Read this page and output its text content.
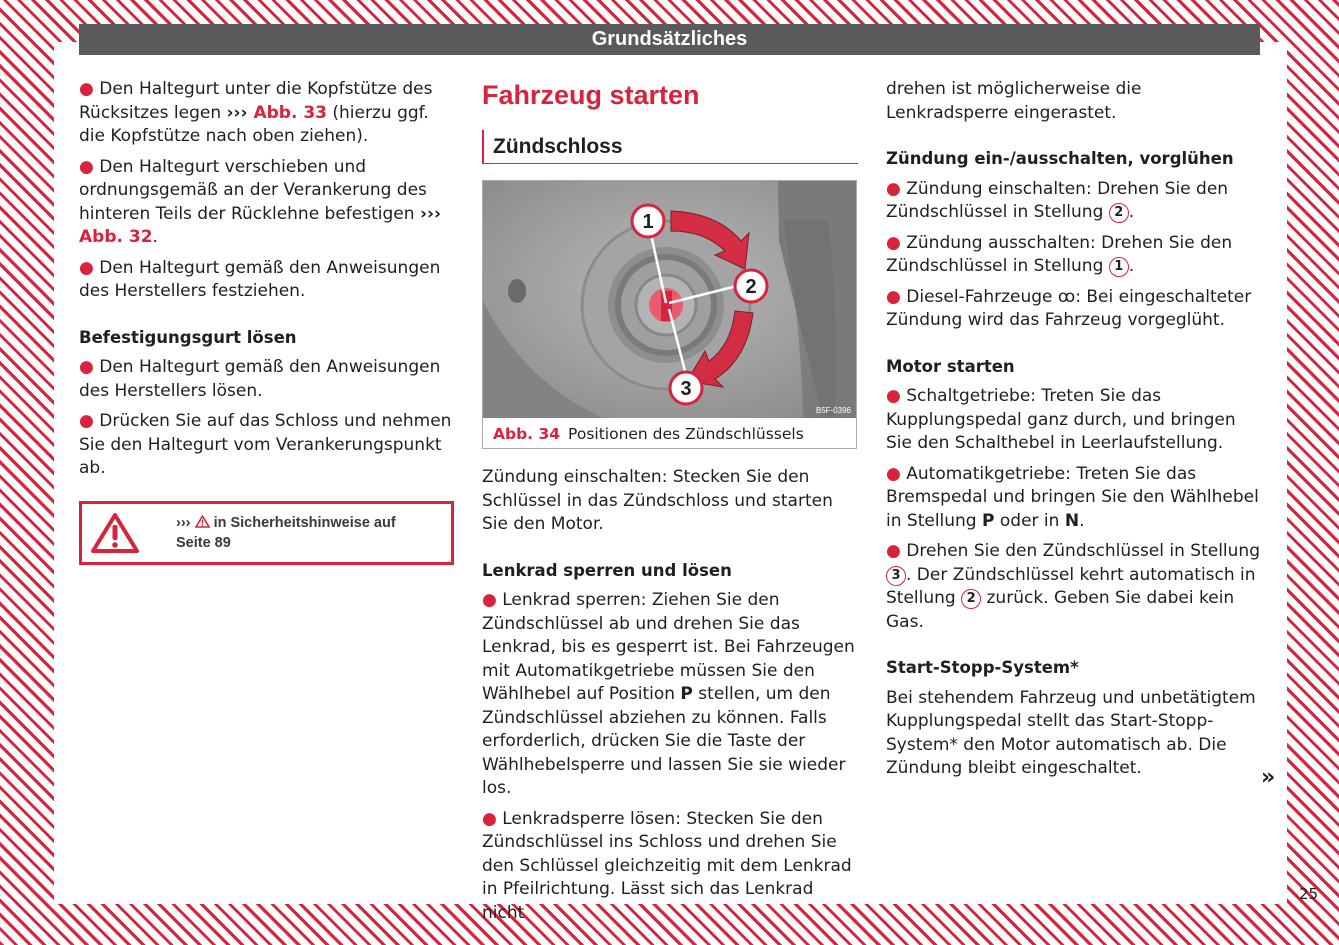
Grundsätzliches

● Den Haltegurt unter die Kopfstütze des Rücksitzes legen ››› Abb. 33 (hierzu ggf. die Kopfstütze nach oben ziehen).

● Den Haltegurt verschieben und ordnungsgemäß an der Verankerung des hinteren Teils der Rücklehne befestigen ››› Abb. 32.

● Den Haltegurt gemäß den Anweisungen des Herstellers festziehen.

Befestigungsgurt lösen

● Den Haltegurt gemäß den Anweisungen des Herstellers lösen.

● Drücken Sie auf das Schloss und nehmen Sie den Haltegurt vom Verankerungspunkt ab.

››› in Sicherheitshinweise auf
Seite 89
Fahrzeug starten
Zündschloss
1
2
3
B5F-0396
Abb. 34 Positionen des Zündschlüssels

Zündung einschalten: Stecken Sie den Schlüssel in das Zündschloss und starten Sie den Motor.

Lenkrad sperren und lösen

● Lenkrad sperren: Ziehen Sie den Zündschlüssel ab und drehen Sie das Lenkrad, bis es gesperrt ist. Bei Fahrzeugen mit Automatikgetriebe müssen Sie den Wählhebel auf Position P stellen, um den Zündschlüssel abziehen zu können. Falls erforderlich, drücken Sie die Taste der Wählhebelsperre und lassen Sie sie wieder los.

● Lenkradsperre lösen: Stecken Sie den Zündschlüssel ins Schloss und drehen Sie den Schlüssel gleichzeitig mit dem Lenkrad in Pfeilrichtung. Lässt sich das Lenkrad nicht

drehen ist möglicherweise die Lenkradsperre eingerastet.

Zündung ein-/ausschalten, vorglühen

● Zündung einschalten: Drehen Sie den Zündschlüssel in Stellung 2 .

● Zündung ausschalten: Drehen Sie den Zündschlüssel in Stellung 1 .

● Diesel-Fahrzeuge ꝏ: Bei eingeschalteter Zündung wird das Fahrzeug vorgeglüht.

Motor starten

● Schaltgetriebe: Treten Sie das Kupplungspedal ganz durch, und bringen Sie den Schalthebel in Leerlaufstellung.

● Automatikgetriebe: Treten Sie das Bremspedal und bringen Sie den Wählhebel in Stellung P oder in N.

● Drehen Sie den Zündschlüssel in Stellung 3 . Der Zündschlüssel kehrt automatisch in Stellung 2 zurück. Geben Sie dabei kein Gas.

Start-Stopp-System*

Bei stehendem Fahrzeug und unbetätigtem Kupplungspedal stellt das Start-Stopp-System* den Motor automatisch ab. Die Zündung bleibt eingeschaltet.	»
25
